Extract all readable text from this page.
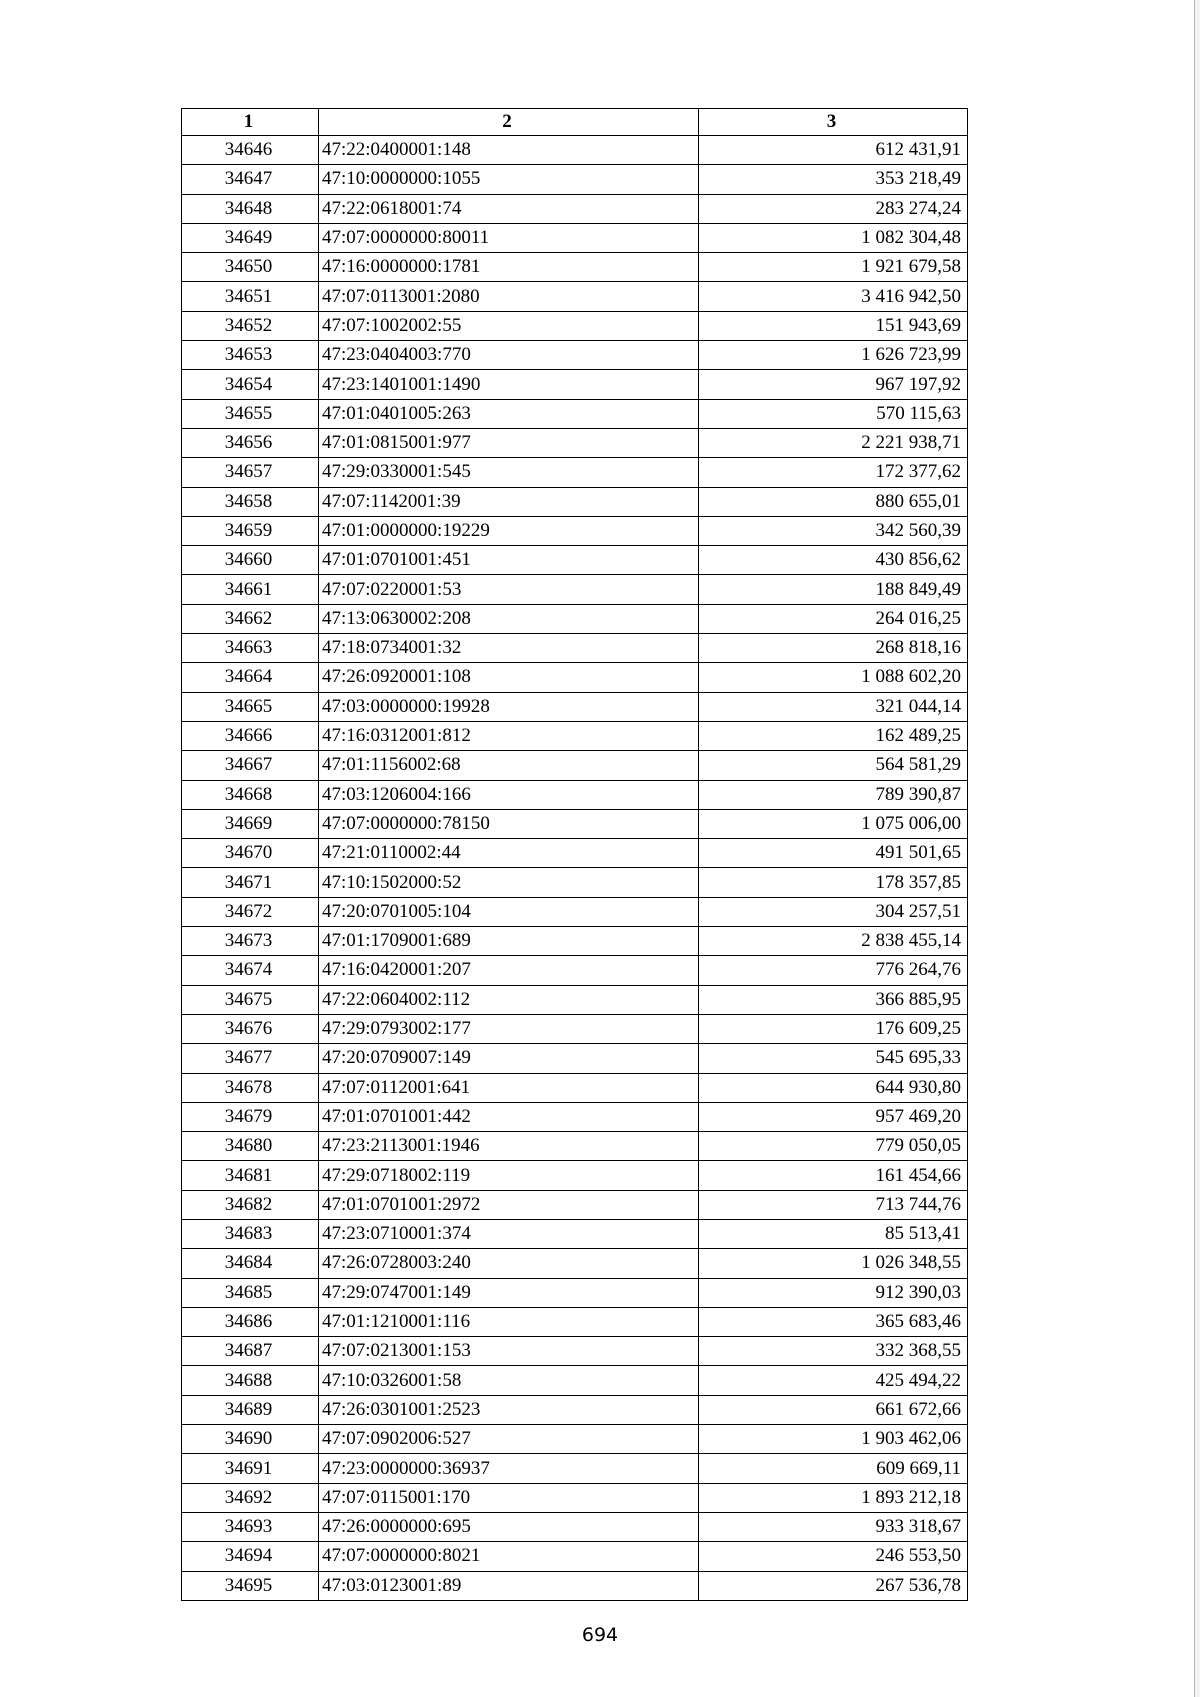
1	2	3
34646	47:22:0400001:148	612 431,91
34647	47:10:0000000:1055	353 218,49
34648	47:22:0618001:74	283 274,24
34649	47:07:0000000:80011	1 082 304,48
34650	47:16:0000000:1781	1 921 679,58
34651	47:07:0113001:2080	3 416 942,50
34652	47:07:1002002:55	151 943,69
34653	47:23:0404003:770	1 626 723,99
34654	47:23:1401001:1490	967 197,92
34655	47:01:0401005:263	570 115,63
34656	47:01:0815001:977	2 221 938,71
34657	47:29:0330001:545	172 377,62
34658	47:07:1142001:39	880 655,01
34659	47:01:0000000:19229	342 560,39
34660	47:01:0701001:451	430 856,62
34661	47:07:0220001:53	188 849,49
34662	47:13:0630002:208	264 016,25
34663	47:18:0734001:32	268 818,16
34664	47:26:0920001:108	1 088 602,20
34665	47:03:0000000:19928	321 044,14
34666	47:16:0312001:812	162 489,25
34667	47:01:1156002:68	564 581,29
34668	47:03:1206004:166	789 390,87
34669	47:07:0000000:78150	1 075 006,00
34670	47:21:0110002:44	491 501,65
34671	47:10:1502000:52	178 357,85
34672	47:20:0701005:104	304 257,51
34673	47:01:1709001:689	2 838 455,14
34674	47:16:0420001:207	776 264,76
34675	47:22:0604002:112	366 885,95
34676	47:29:0793002:177	176 609,25
34677	47:20:0709007:149	545 695,33
34678	47:07:0112001:641	644 930,80
34679	47:01:0701001:442	957 469,20
34680	47:23:2113001:1946	779 050,05
34681	47:29:0718002:119	161 454,66
34682	47:01:0701001:2972	713 744,76
34683	47:23:0710001:374	85 513,41
34684	47:26:0728003:240	1 026 348,55
34685	47:29:0747001:149	912 390,03
34686	47:01:1210001:116	365 683,46
34687	47:07:0213001:153	332 368,55
34688	47:10:0326001:58	425 494,22
34689	47:26:0301001:2523	661 672,66
34690	47:07:0902006:527	1 903 462,06
34691	47:23:0000000:36937	609 669,11
34692	47:07:0115001:170	1 893 212,18
34693	47:26:0000000:695	933 318,67
34694	47:07:0000000:8021	246 553,50
34695	47:03:0123001:89	267 536,78
694
